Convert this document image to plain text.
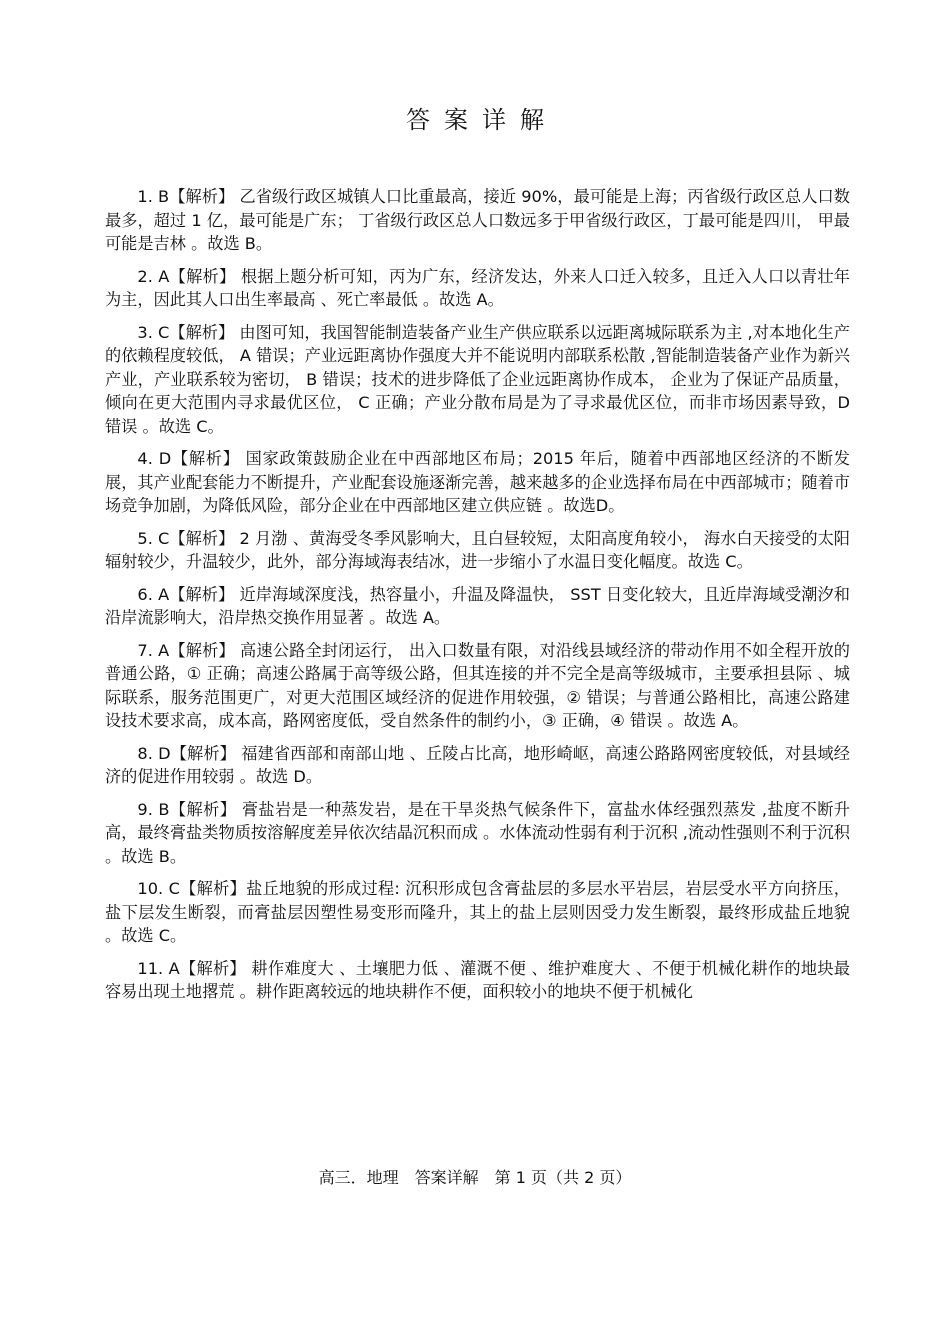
答案详解

1. B【解析】 乙省级行政区城镇人口比重最高，接近 90%，最可能是上海；丙省级行政区总人口数最多，超过 1 亿，最可能是广东； 丁省级行政区总人口数远多于甲省级行政区，丁最可能是四川， 甲最可能是吉林 。故选 B。

2. A【解析】 根据上题分析可知，丙为广东，经济发达，外来人口迁入较多，且迁入人口以青壮年为主，因此其人口出生率最高 、死亡率最低 。故选 A。

3. C【解析】 由图可知，我国智能制造装备产业生产供应联系以远距离城际联系为主 ,对本地化生产的依赖程度较低， A 错误；产业远距离协作强度大并不能说明内部联系松散 ,智能制造装备产业作为新兴产业，产业联系较为密切， B 错误；技术的进步降低了企业远距离协作成本， 企业为了保证产品质量， 倾向在更大范围内寻求最优区位， C 正确；产业分散布局是为了寻求最优区位，而非市场因素导致，D 错误 。故选 C。

4. D【解析】 国家政策鼓励企业在中西部地区布局；2015 年后，随着中西部地区经济的不断发展，其产业配套能力不断提升，产业配套设施逐渐完善，越来越多的企业选择布局在中西部城市；随着市场竞争加剧，为降低风险，部分企业在中西部地区建立供应链 。故选D。

5. C【解析】 2 月渤 、黄海受冬季风影响大，且白昼较短，太阳高度角较小， 海水白天接受的太阳辐射较少，升温较少，此外，部分海域海表结冰，进一步缩小了水温日变化幅度。故选 C。

6. A【解析】 近岸海域深度浅，热容量小，升温及降温快， SST 日变化较大，且近岸海域受潮汐和沿岸流影响大，沿岸热交换作用显著 。故选 A。

7. A【解析】 高速公路全封闭运行， 出入口数量有限，对沿线县域经济的带动作用不如全程开放的普通公路，① 正确；高速公路属于高等级公路，但其连接的并不完全是高等级城市，主要承担县际 、城际联系，服务范围更广，对更大范围区域经济的促进作用较强，② 错误；与普通公路相比，高速公路建设技术要求高，成本高，路网密度低，受自然条件的制约小，③ 正确，④ 错误 。故选 A。

8. D【解析】 福建省西部和南部山地 、丘陵占比高，地形崎岖，高速公路路网密度较低，对县域经济的促进作用较弱 。故选 D。

9. B【解析】 膏盐岩是一种蒸发岩，是在干旱炎热气候条件下，富盐水体经强烈蒸发 ,盐度不断升高，最终膏盐类物质按溶解度差异依次结晶沉积而成 。水体流动性弱有利于沉积 ,流动性强则不利于沉积 。故选 B。

10. C【解析】盐丘地貌的形成过程: 沉积形成包含膏盐层的多层水平岩层，岩层受水平方向挤压，盐下层发生断裂，而膏盐层因塑性易变形而隆升，其上的盐上层则因受力发生断裂，最终形成盐丘地貌 。故选 C。

11. A【解析】 耕作难度大 、土壤肥力低 、灌溉不便 、维护难度大 、不便于机械化耕作的地块最容易出现土地撂荒 。耕作距离较远的地块耕作不便，面积较小的地块不便于机械化

高三．地理　答案详解　第 1 页（共 2 页）
